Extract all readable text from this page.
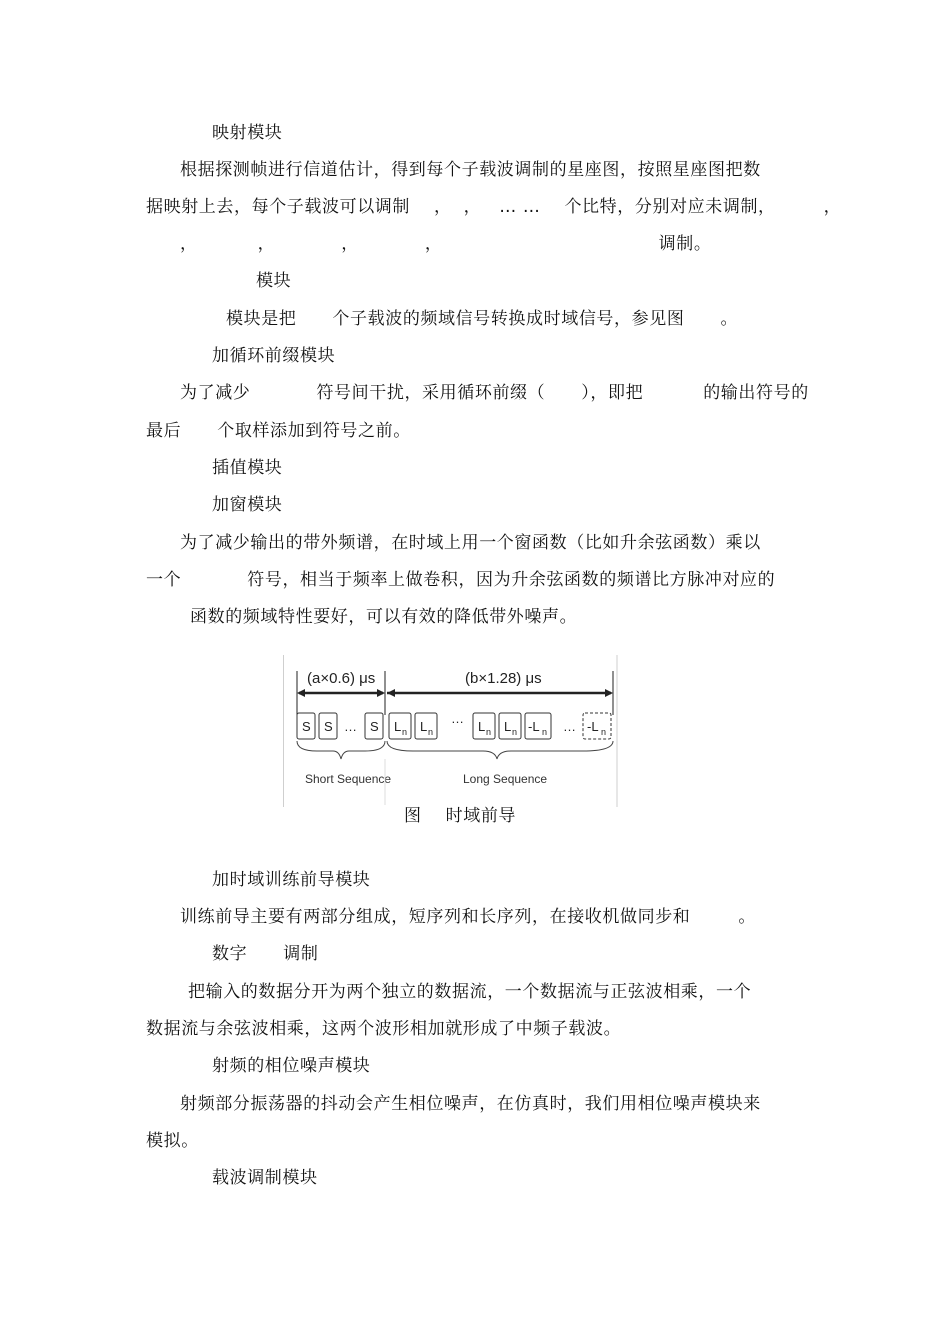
映射模块
根据探测帧进行信道估计，得到每个子载波调制的星座图，按照星座图把数
据映射上去，每个子载波可以调制    ，  ，   … …    个比特，分别对应未调制，        ，
，          ，           ，           ，                                    调制。
模块
模块是把      个子载波的频域信号转换成时域信号，参见图      。
加循环前缀模块
为了减少           符号间干扰，采用循环前缀（      ），即把          的输出符号的
最后      个取样添加到符号之前。
插值模块
加窗模块
为了减少输出的带外频谱，在时域上用一个窗函数（比如升余弦函数）乘以
一个           符号，相当于频率上做卷积，因为升余弦函数的频谱比方脉冲对应的
函数的频域特性要好，可以有效的降低带外噪声。
(a×0.6) μs	(b×1.28) μs
S S … S L n L n
…
L n L n -L n … -L n
Short Sequence	Long Sequence
图    时域前导
加时域训练前导模块
训练前导主要有两部分组成，短序列和长序列，在接收机做同步和        。
数字      调制
把输入的数据分开为两个独立的数据流，一个数据流与正弦波相乘，一个
数据流与余弦波相乘，这两个波形相加就形成了中频子载波。
射频的相位噪声模块
射频部分振荡器的抖动会产生相位噪声，在仿真时，我们用相位噪声模块来
模拟。
载波调制模块
